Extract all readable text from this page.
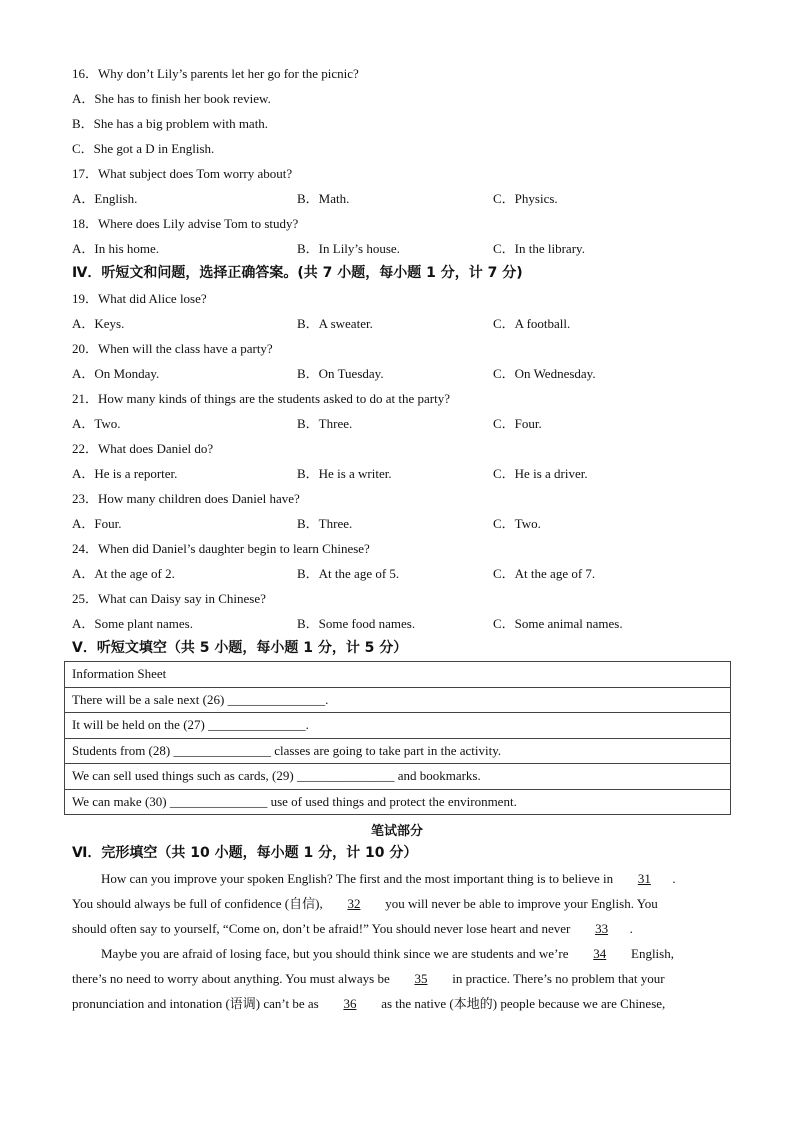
16．Why don’t Lily’s parents let her go for the picnic?
A．She has to finish her book review.
B．She has a big problem with math.
C．She got a D in English.
17．What subject does Tom worry about?
A．English.	B．Math.	C．Physics.
18．Where does Lily advise Tom to study?
A．In his home.	B．In Lily’s house.	C．In the library.
Ⅳ．听短文和问题，选择正确答案。(共 7 小题，每小题 1 分，计 7 分)
19．What did Alice lose?
A．Keys.	B．A sweater.	C．A football.
20．When will the class have a party?
A．On Monday.	B．On Tuesday.	C．On Wednesday.
21．How many kinds of things are the students asked to do at the party?
A．Two.	B．Three.	C．Four.
22．What does Daniel do?
A．He is a reporter.	B．He is a writer.	C．He is a driver.
23．How many children does Daniel have?
A．Four.	B．Three.	C．Two.
24．When did Daniel’s daughter begin to learn Chinese?
A．At the age of 2.	B．At the age of 5.	C．At the age of 7.
25．What can Daisy say in Chinese?
A．Some plant names.	B．Some food names.	C．Some animal names.
Ⅴ．听短文填空（共 5 小题，每小题 1 分，计 5 分）
Information Sheet
There will be a sale next (26) _______________.
It will be held on the (27) _______________.
Students from (28) _______________ classes are going to take part in the activity.
We can sell used things such as cards, (29) _______________ and bookmarks.
We can make (30) _______________ use of used things and protect the environment.
笔试部分
Ⅵ．完形填空（共 10 小题，每小题 1 分，计 10 分）
How can you improve your spoken English? The first and the most important thing is to believe in 31 .
You should always be full of confidence (自信), 32 you will never be able to improve your English. You
should often say to yourself, “Come on, don’t be afraid!” You should never lose heart and never 33 .
Maybe you are afraid of losing face, but you should think since we are students and we’re 34 English,
there’s no need to worry about anything. You must always be 35 in practice. There’s no problem that your
pronunciation and intonation (语调) can’t be as 36 as the native (本地的) people because we are Chinese,
